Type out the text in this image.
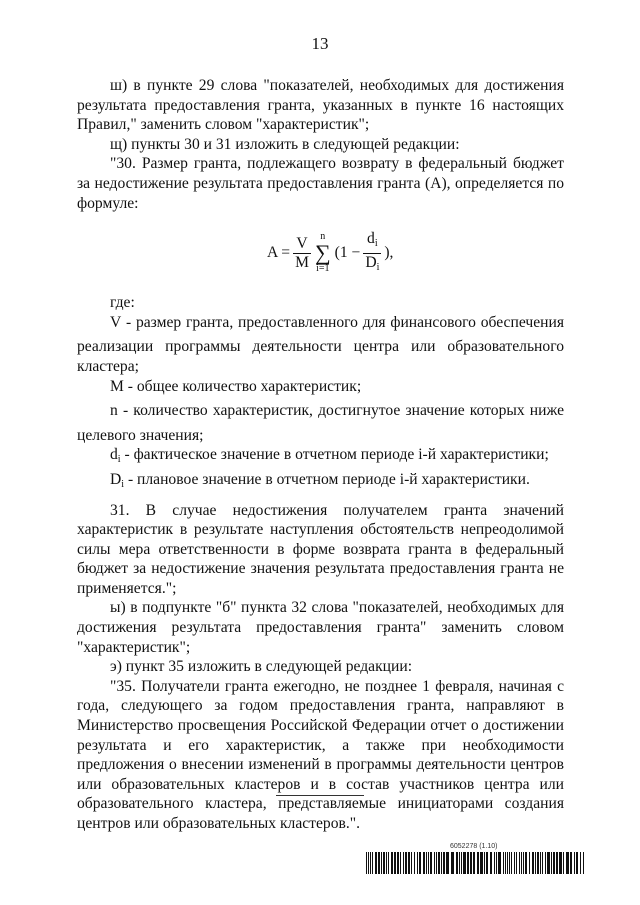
13

ш) в пункте 29 слова "показателей, необходимых для достижения результата предоставления гранта, указанных в пункте 16 настоящих Правил," заменить словом "характеристик";

щ) пункты 30 и 31 изложить в следующей редакции:

"30. Размер гранта, подлежащего возврату в федеральный бюджет за недостижение результата предоставления гранта (A), определяется по формуле:

$A = \frac{V}{M}$ n
∑
i=1
($1 - \frac{d_i}{D_i}$ ),

где:

V - размер гранта, предоставленного для финансового обеспечения реализации программы деятельности центра или образовательного кластера;

M - общее количество характеристик;

n - количество характеристик, достигнутое значение которых ниже целевого значения;

$d_i$ - фактическое значение в отчетном периоде i-й характеристики;

$D_i$ - плановое значение в отчетном периоде i-й характеристики.

31. В случае недостижения получателем гранта значений характеристик в результате наступления обстоятельств непреодолимой силы мера ответственности в форме возврата гранта в федеральный бюджет за недостижение значения результата предоставления гранта не применяется.";

ы) в подпункте "б" пункта 32 слова "показателей, необходимых для достижения результата предоставления гранта" заменить словом "характеристик";

э) пункт 35 изложить в следующей редакции:

"35. Получатели гранта ежегодно, не позднее 1 февраля, начиная с года, следующего за годом предоставления гранта, направляют в Министерство просвещения Российской Федерации отчет о достижении результата и его характеристик, а также при необходимости предложения о внесении изменений в программы деятельности центров или образовательных кластеров и в состав участников центра или образовательного кластера, представляемые инициаторами создания центров или образовательных кластеров.".

6052278 (1.10)
